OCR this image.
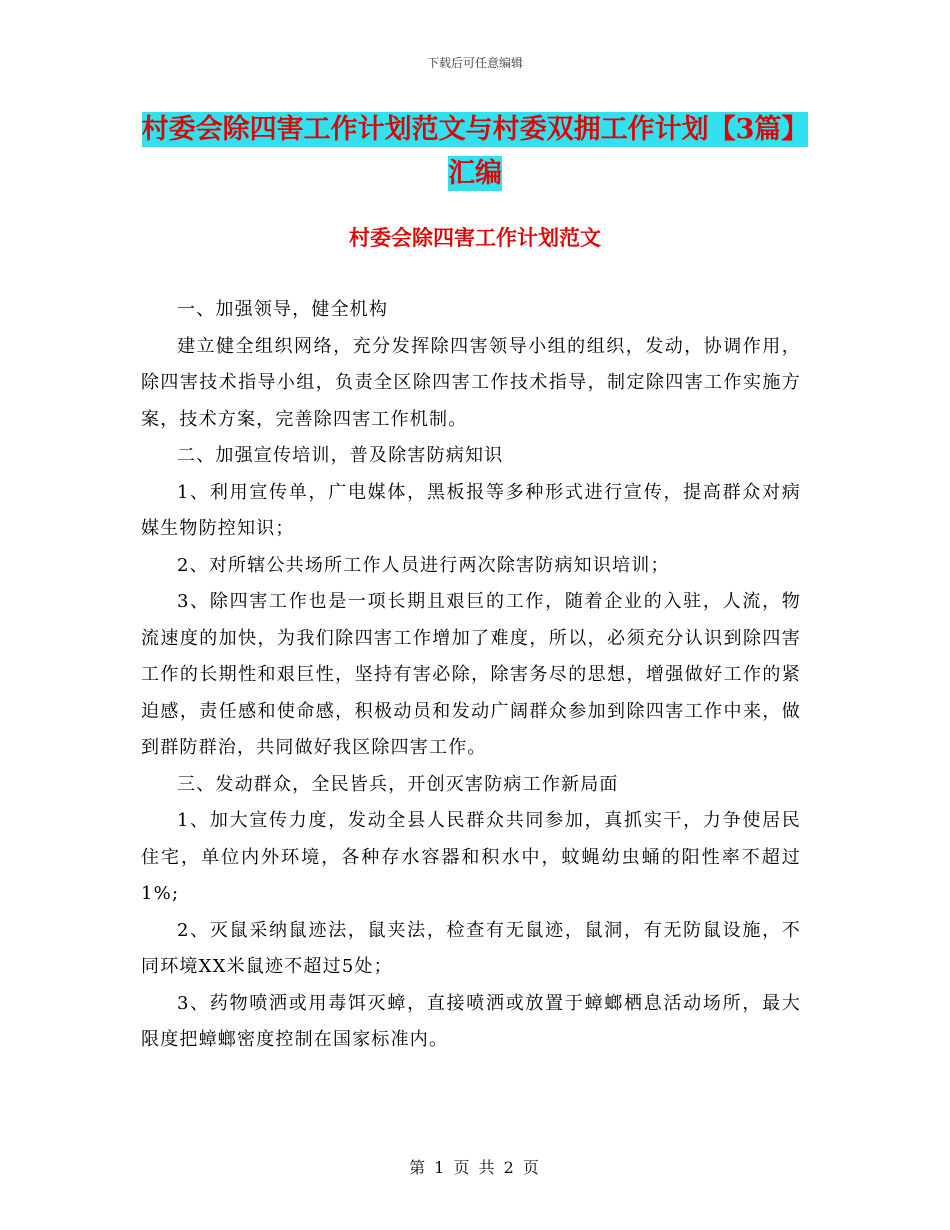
下载后可任意编辑
村委会除四害工作计划范文与村委双拥工作计划【3篇】汇编
村委会除四害工作计划范文

一、加强领导，健全机构

建立健全组织网络，充分发挥除四害领导小组的组织，发动，协调作用，除四害技术指导小组，负责全区除四害工作技术指导，制定除四害工作实施方案，技术方案，完善除四害工作机制。

二、加强宣传培训，普及除害防病知识

1、利用宣传单，广电媒体，黑板报等多种形式进行宣传，提高群众对病媒生物防控知识；

2、对所辖公共场所工作人员进行两次除害防病知识培训；

3、除四害工作也是一项长期且艰巨的工作，随着企业的入驻，人流，物流速度的加快，为我们除四害工作增加了难度，所以，必须充分认识到除四害工作的长期性和艰巨性，坚持有害必除，除害务尽的思想，增强做好工作的紧迫感，责任感和使命感，积极动员和发动广阔群众参加到除四害工作中来，做到群防群治，共同做好我区除四害工作。

三、发动群众，全民皆兵，开创灭害防病工作新局面

1、加大宣传力度，发动全县人民群众共同参加，真抓实干，力争使居民住宅，单位内外环境，各种存水容器和积水中，蚊蝇幼虫蛹的阳性率不超过1%;

2、灭鼠采纳鼠迹法，鼠夹法，检查有无鼠迹，鼠洞，有无防鼠设施，不同环境XX米鼠迹不超过5处；

3、药物喷洒或用毒饵灭蟑，直接喷洒或放置于蟑螂栖息活动场所，最大限度把蟑螂密度控制在国家标准内。

第 1 页 共 2 页
